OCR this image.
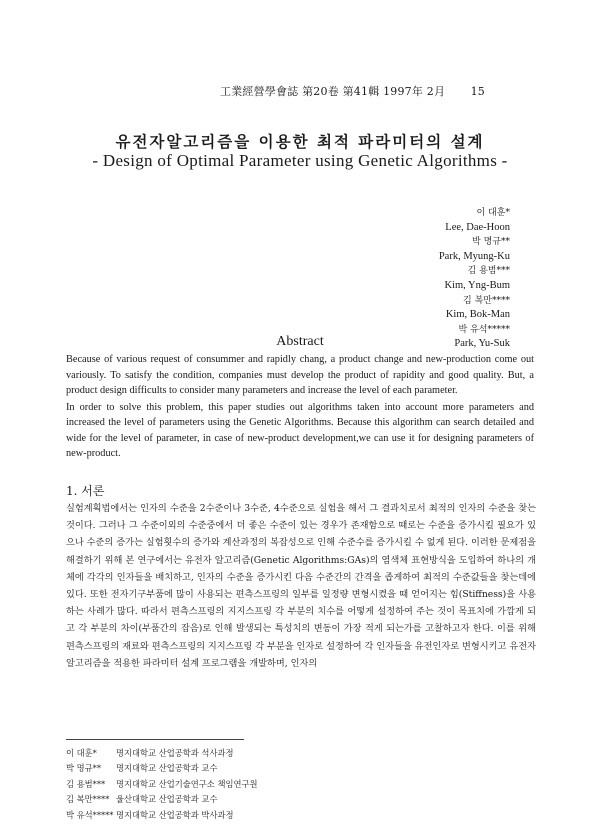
工業經營學會誌 第20卷 第41輯 1997年 2月 15
유전자알고리즘을 이용한 최적 파라미터의 설계
- Design of Optimal Parameter using Genetic Algorithms -
이 대훈*
Lee, Dae-Hoon
박 명규**
Park, Myung-Ku
김 용범***
Kim, Yng-Bum
김 복만****
Kim, Bok-Man
박 유석*****
Park, Yu-Suk
Abstract

Because of various request of consummer and rapidly chang, a product change and new-production come out variously. To satisfy the condition, companies must develop the product of rapidity and good quality. But, a product design difficults to consider many parameters and increase the level of each parameter.

In order to solve this problem, this paper studies out algorithms taken into account more parameters and increased the level of parameters using the Genetic Algorithms. Because this algorithm can search detailed and wide for the level of parameter, in case of new-product development,we can use it for designing parameters of new-product.

1. 서론

실험계획법에서는 인자의 수준을 2수준이나 3수준, 4수준으로 실험을 해서 그 결과치로서 최적의 인자의 수준을 찾는 것이다. 그러나 그 수준이외의 수준중에서 더 좋은 수준이 있는 경우가 존재함으로 때로는 수준을 증가시킬 필요가 있으나 수준의 증가는 실험횟수의 증가와 계산과정의 복잡성으로 인해 수준수를 증가시킬 수 없게 된다. 이러한 문제점을 해결하기 위해 본 연구에서는 유전자 알고리즘(Genetic Algorithms:GAs)의 염색체 표현방식을 도입하여 하나의 개체에 각각의 인자들을 배치하고, 인자의 수준을 증가시킨 다음 수준간의 간격을 좁게하여 최적의 수준값들을 찾는데에 있다. 또한 전자기구부품에 많이 사용되는 편측스프링의 일부를 일정량 변형시켰을 때 얻어지는 힘(Stiffness)을 사용하는 사례가 많다. 따라서 편측스프링의 지지스프링 각 부분의 치수를 어떻게 설정하여 주는 것이 목표치에 가깝게 되고 각 부분의 차이(부품간의 잡음)로 인해 발생되는 특성치의 변동이 가장 적게 되는가를 고찰하고자 한다. 이를 위해 편측스프링의 재료와 편측스프링의 지지스프링 각 부분을 인자로 설정하여 각 인자들을 유전인자로 변형시키고 유전자 알고리즘을 적용한 파라미터 설계 프로그램을 개발하며, 인자의

이 대훈*	명지대학교 산업공학과 석사과정
박 명규**	명지대학교 산업공학과 교수
김 용범***	명지대학교 산업기술연구소 책임연구원
김 복만**** 울산대학교 산업공학과 교수
박 유석***** 명지대학교 산업공학과 박사과정
